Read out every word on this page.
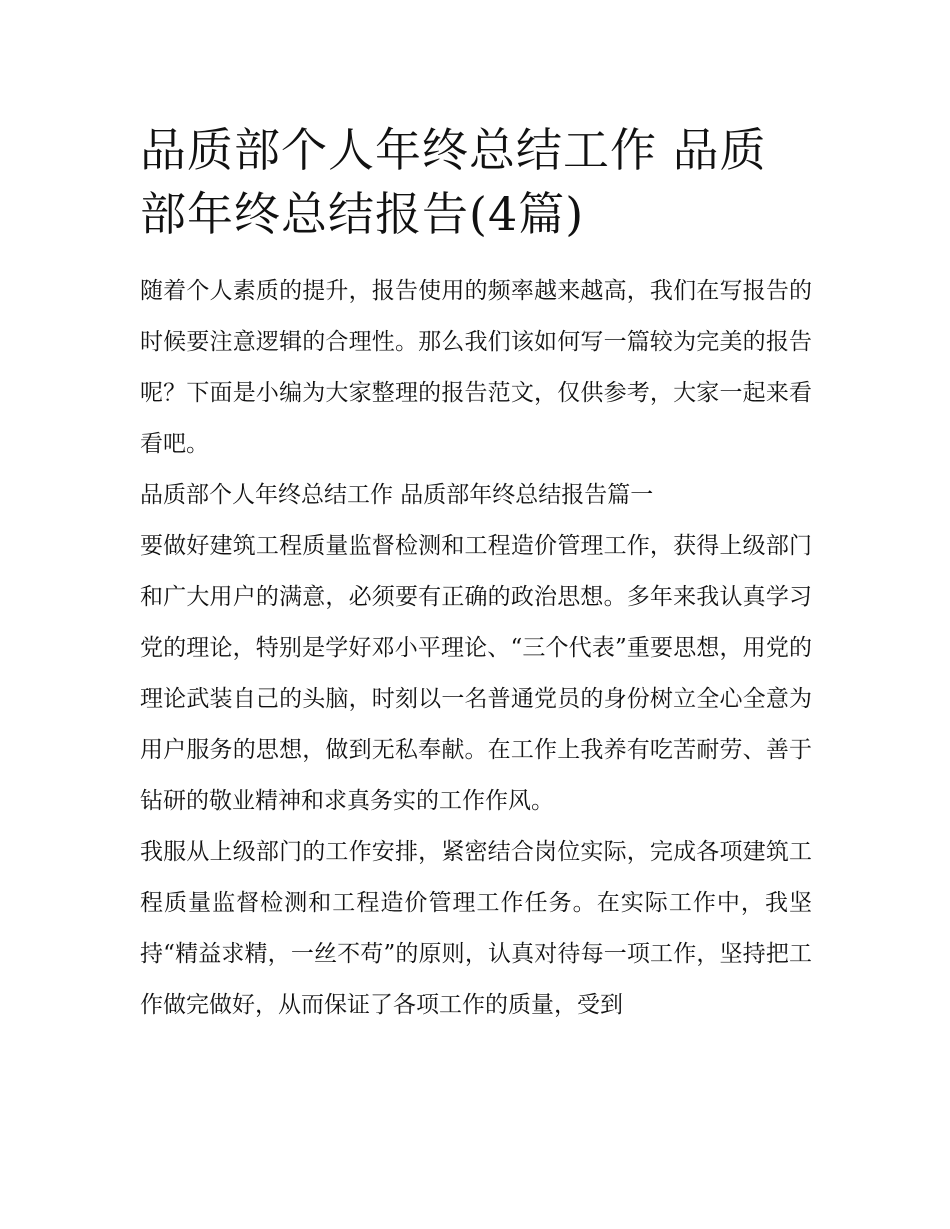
品质部个人年终总结工作 品质部年终总结报告(4篇)

随着个人素质的提升，报告使用的频率越来越高，我们在写报告的时候要注意逻辑的合理性。那么我们该如何写一篇较为完美的报告呢？下面是小编为大家整理的报告范文，仅供参考，大家一起来看看吧。

品质部个人年终总结工作 品质部年终总结报告篇一

要做好建筑工程质量监督检测和工程造价管理工作，获得上级部门和广大用户的满意，必须要有正确的政治思想。多年来我认真学习党的理论，特别是学好邓小平理论、“三个代表”重要思想，用党的理论武装自己的头脑，时刻以一名普通党员的身份树立全心全意为用户服务的思想，做到无私奉献。在工作上我养有吃苦耐劳、善于钻研的敬业精神和求真务实的工作作风。

我服从上级部门的工作安排，紧密结合岗位实际，完成各项建筑工程质量监督检测和工程造价管理工作任务。在实际工作中，我坚持“精益求精，一丝不苟”的原则，认真对待每一项工作，坚持把工作做完做好，从而保证了各项工作的质量，受到
